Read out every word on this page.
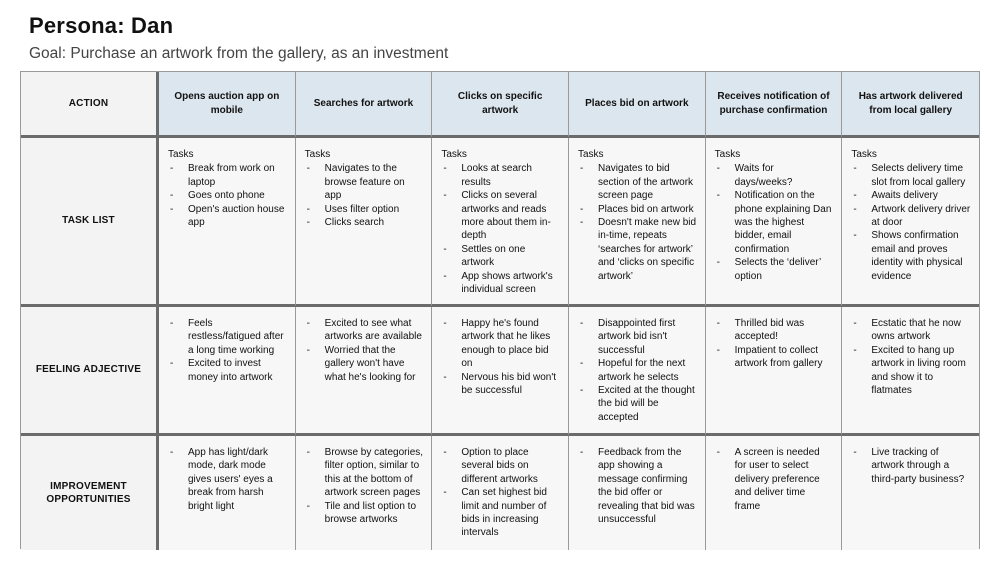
Persona: Dan

Goal: Purchase an artwork from the gallery, as an investment

ACTION
Opens auction app on mobile
Searches for artwork
Clicks on specific artwork
Places bid on artwork
Receives notification of purchase confirmation
Has artwork delivered from local gallery
TASK LIST
Tasks
- Break from work on laptop
- Goes onto phone
- Open's auction house app
Tasks
- Navigates to the browse feature on app
- Uses filter option
- Clicks search
Tasks
- Looks at search results
- Clicks on several artworks and reads more about them in-depth
- Settles on one artwork
- App shows artwork's individual screen
Tasks
- Navigates to bid section of the artwork screen page
- Places bid on artwork
- Doesn't make new bid in-time, repeats ‘searches for artwork’ and ‘clicks on specific artwork’
Tasks
- Waits for days/weeks?
- Notification on the phone explaining Dan was the highest bidder, email confirmation
- Selects the ‘deliver’ option
Tasks
- Selects delivery time slot from local gallery
- Awaits delivery
- Artwork delivery driver at door
- Shows confirmation email and proves identity with physical evidence
FEELING ADJECTIVE
- Feels restless/fatigued after a long time working
- Excited to invest money into artwork
- Excited to see what artworks are available
- Worried that the gallery won't have what he's looking for
- Happy he's found artwork that he likes enough to place bid on
- Nervous his bid won't be successful
- Disappointed first artwork bid isn't successful
- Hopeful for the next artwork he selects
- Excited at the thought the bid will be accepted
- Thrilled bid was accepted!
- Impatient to collect artwork from gallery
- Ecstatic that he now owns artwork
- Excited to hang up artwork in living room and show it to flatmates
IMPROVEMENT OPPORTUNITIES
- App has light/dark mode, dark mode gives users' eyes a break from harsh bright light
- Browse by categories, filter option, similar to this at the bottom of artwork screen pages
- Tile and list option to browse artworks
- Option to place several bids on different artworks
- Can set highest bid limit and number of bids in increasing intervals
- Feedback from the app showing a message confirming the bid offer or revealing that bid was unsuccessful
- A screen is needed for user to select delivery preference and deliver time frame
- Live tracking of artwork through a third-party business?
